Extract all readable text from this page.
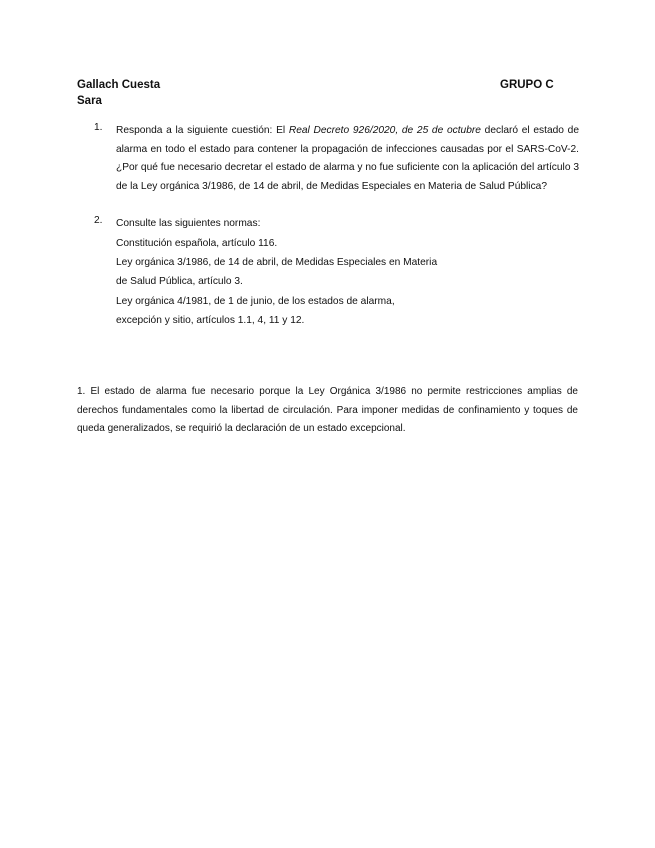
Gallach Cuesta
Sara
GRUPO C
1. Responda a la siguiente cuestión: El Real Decreto 926/2020, de 25 de octubre declaró el estado de alarma en todo el estado para contener la propagación de infecciones causadas por el SARS-CoV-2. ¿Por qué fue necesario decretar el estado de alarma y no fue suficiente con la aplicación del artículo 3 de la Ley orgánica 3/1986, de 14 de abril, de Medidas Especiales en Materia de Salud Pública?
2. Consulte las siguientes normas:
Constitución española, artículo 116.
Ley orgánica 3/1986, de 14 de abril, de Medidas Especiales en Materia
de Salud Pública, artículo 3.
Ley orgánica 4/1981, de 1 de junio, de los estados de alarma,
excepción y sitio, artículos 1.1, 4, 11 y 12.
1. El estado de alarma fue necesario porque la Ley Orgánica 3/1986 no permite restricciones amplias de derechos fundamentales como la libertad de circulación. Para imponer medidas de confinamiento y toques de queda generalizados, se requirió la declaración de un estado excepcional.
